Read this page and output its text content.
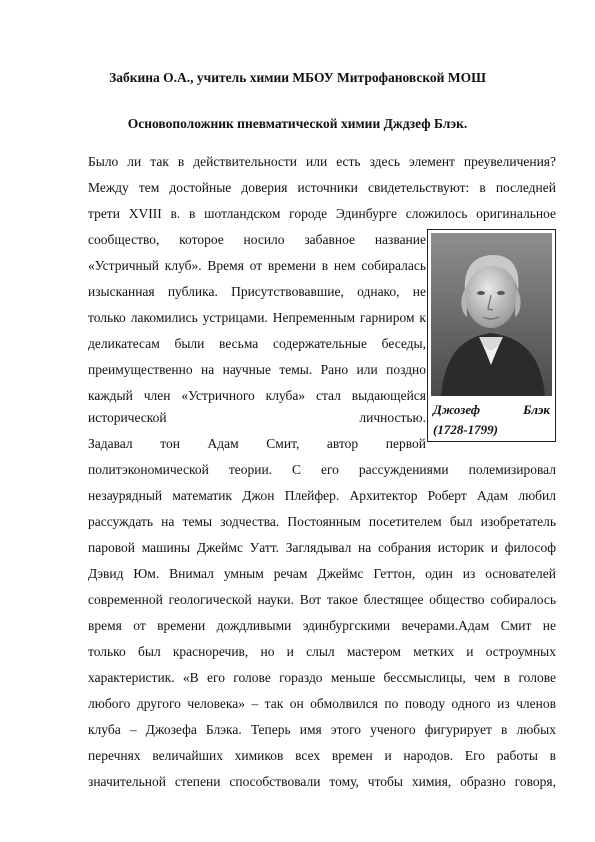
Забкина О.А., учитель химии МБОУ Митрофановской МОШ
Основоположник пневматической химии Дждзеф Блэк.
Было ли так в действительности или есть здесь элемент преувеличения?
Между тем достойные доверия источники свидетельствуют: в последней
трети XVIII в. в шотландском городе Эдинбурге сложилось оригинальное
сообщество, которое носило забавное название
«Устричный клуб». Время от времени в нем собиралась
изысканная публика. Присутствовавшие, однако, не
только лакомились устрицами. Непременным гарниром к
деликатесам были весьма содержательные беседы,
преимущественно на научные темы. Рано или поздно
каждый член «Устричного клуба» стал выдающейся
исторической личностью.
Задавал тон Адам Смит, автор первой
политэкономической теории. С его рассуждениями полемизировал
незаурядный математик Джон Плейфер. Архитектор Роберт Адам любил
рассуждать на темы зодчества. Постоянным посетителем был изобретатель
паровой машины Джеймс Уатт. Заглядывал на собрания историк и философ
Дэвид Юм. Внимал умным речам Джеймс Геттон, один из основателей
современной геологической науки. Вот такое блестящее общество собиралось
время от времени дождливыми эдинбургскими вечерами.Адам Смит не
только был красноречив, но и слыл мастером метких и остроумных
характеристик. «В его голове гораздо меньше бессмыслицы, чем в голове
любого другого человека» – так он обмолвился по поводу одного из членов
клуба – Джозефа Блэка. Теперь имя этого ученого фигурирует в любых
перечнях величайших химиков всех времен и народов. Его работы в
значительной степени способствовали тому, чтобы химия, образно говоря,
Джозеф Блэк
(1728-1799)
